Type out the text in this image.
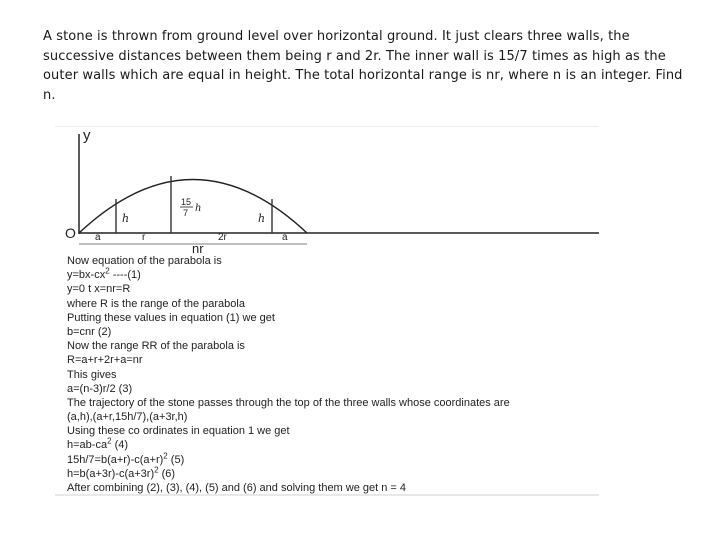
A stone is thrown from ground level over horizontal ground. It just clears three walls, the successive distances between them being r and 2r. The inner wall is 15/7 times as high as the outer walls which are equal in height. The total horizontal range is nr, where n is an integer. Find n.
y
O
h	h
15
7 h
a	r	2r	a
nr
Now equation of the parabola is
$y=bx-cx^2$ ----(1)
y=0 t x=nr=R
where R is the range of the parabola
Putting these values in equation (1) we get
b=cnr (2)
Now the range RR of the parabola is
R=a+r+2r+a=nr
This gives
a=(n-3)r/2 (3)
The trajectory of the stone passes through the top of the three walls whose coordinates are
(a,h),(a+r,15h/7),(a+3r,h)
Using these co ordinates in equation 1 we get
$h=ab-ca^2$ (4)
$15h/7=b(a+r)-c(a+r)^2$ (5)
$h=b(a+3r)-c(a+3r)^2$ (6)
After combining (2), (3), (4), (5) and (6) and solving them we get n = 4
